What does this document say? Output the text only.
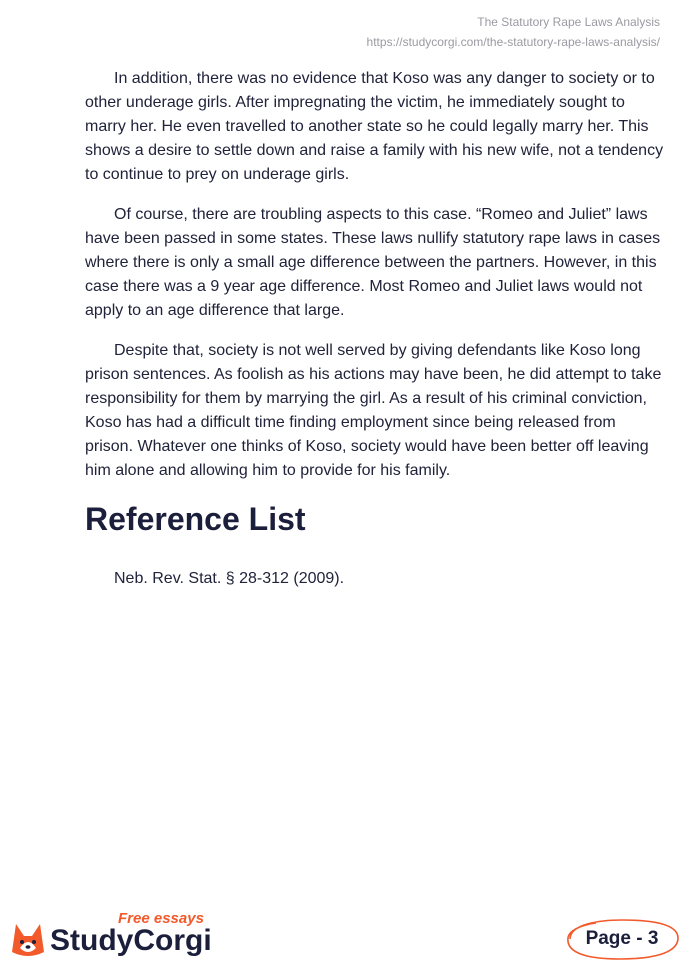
The Statutory Rape Laws Analysis
https://studycorgi.com/the-statutory-rape-laws-analysis/

In addition, there was no evidence that Koso was any danger to society or to other underage girls. After impregnating the victim, he immediately sought to marry her. He even travelled to another state so he could legally marry her. This shows a desire to settle down and raise a family with his new wife, not a tendency to continue to prey on underage girls.

Of course, there are troubling aspects to this case. “Romeo and Juliet” laws have been passed in some states. These laws nullify statutory rape laws in cases where there is only a small age difference between the partners. However, in this case there was a 9 year age difference. Most Romeo and Juliet laws would not apply to an age difference that large.

Despite that, society is not well served by giving defendants like Koso long prison sentences. As foolish as his actions may have been, he did attempt to take responsibility for them by marrying the girl. As a result of his criminal conviction, Koso has had a difficult time finding employment since being released from prison. Whatever one thinks of Koso, society would have been better off leaving him alone and allowing him to provide for his family.

Reference List

Neb. Rev. Stat. § 28-312 (2009).

Free essays
StudyCorgi	Page - 3
